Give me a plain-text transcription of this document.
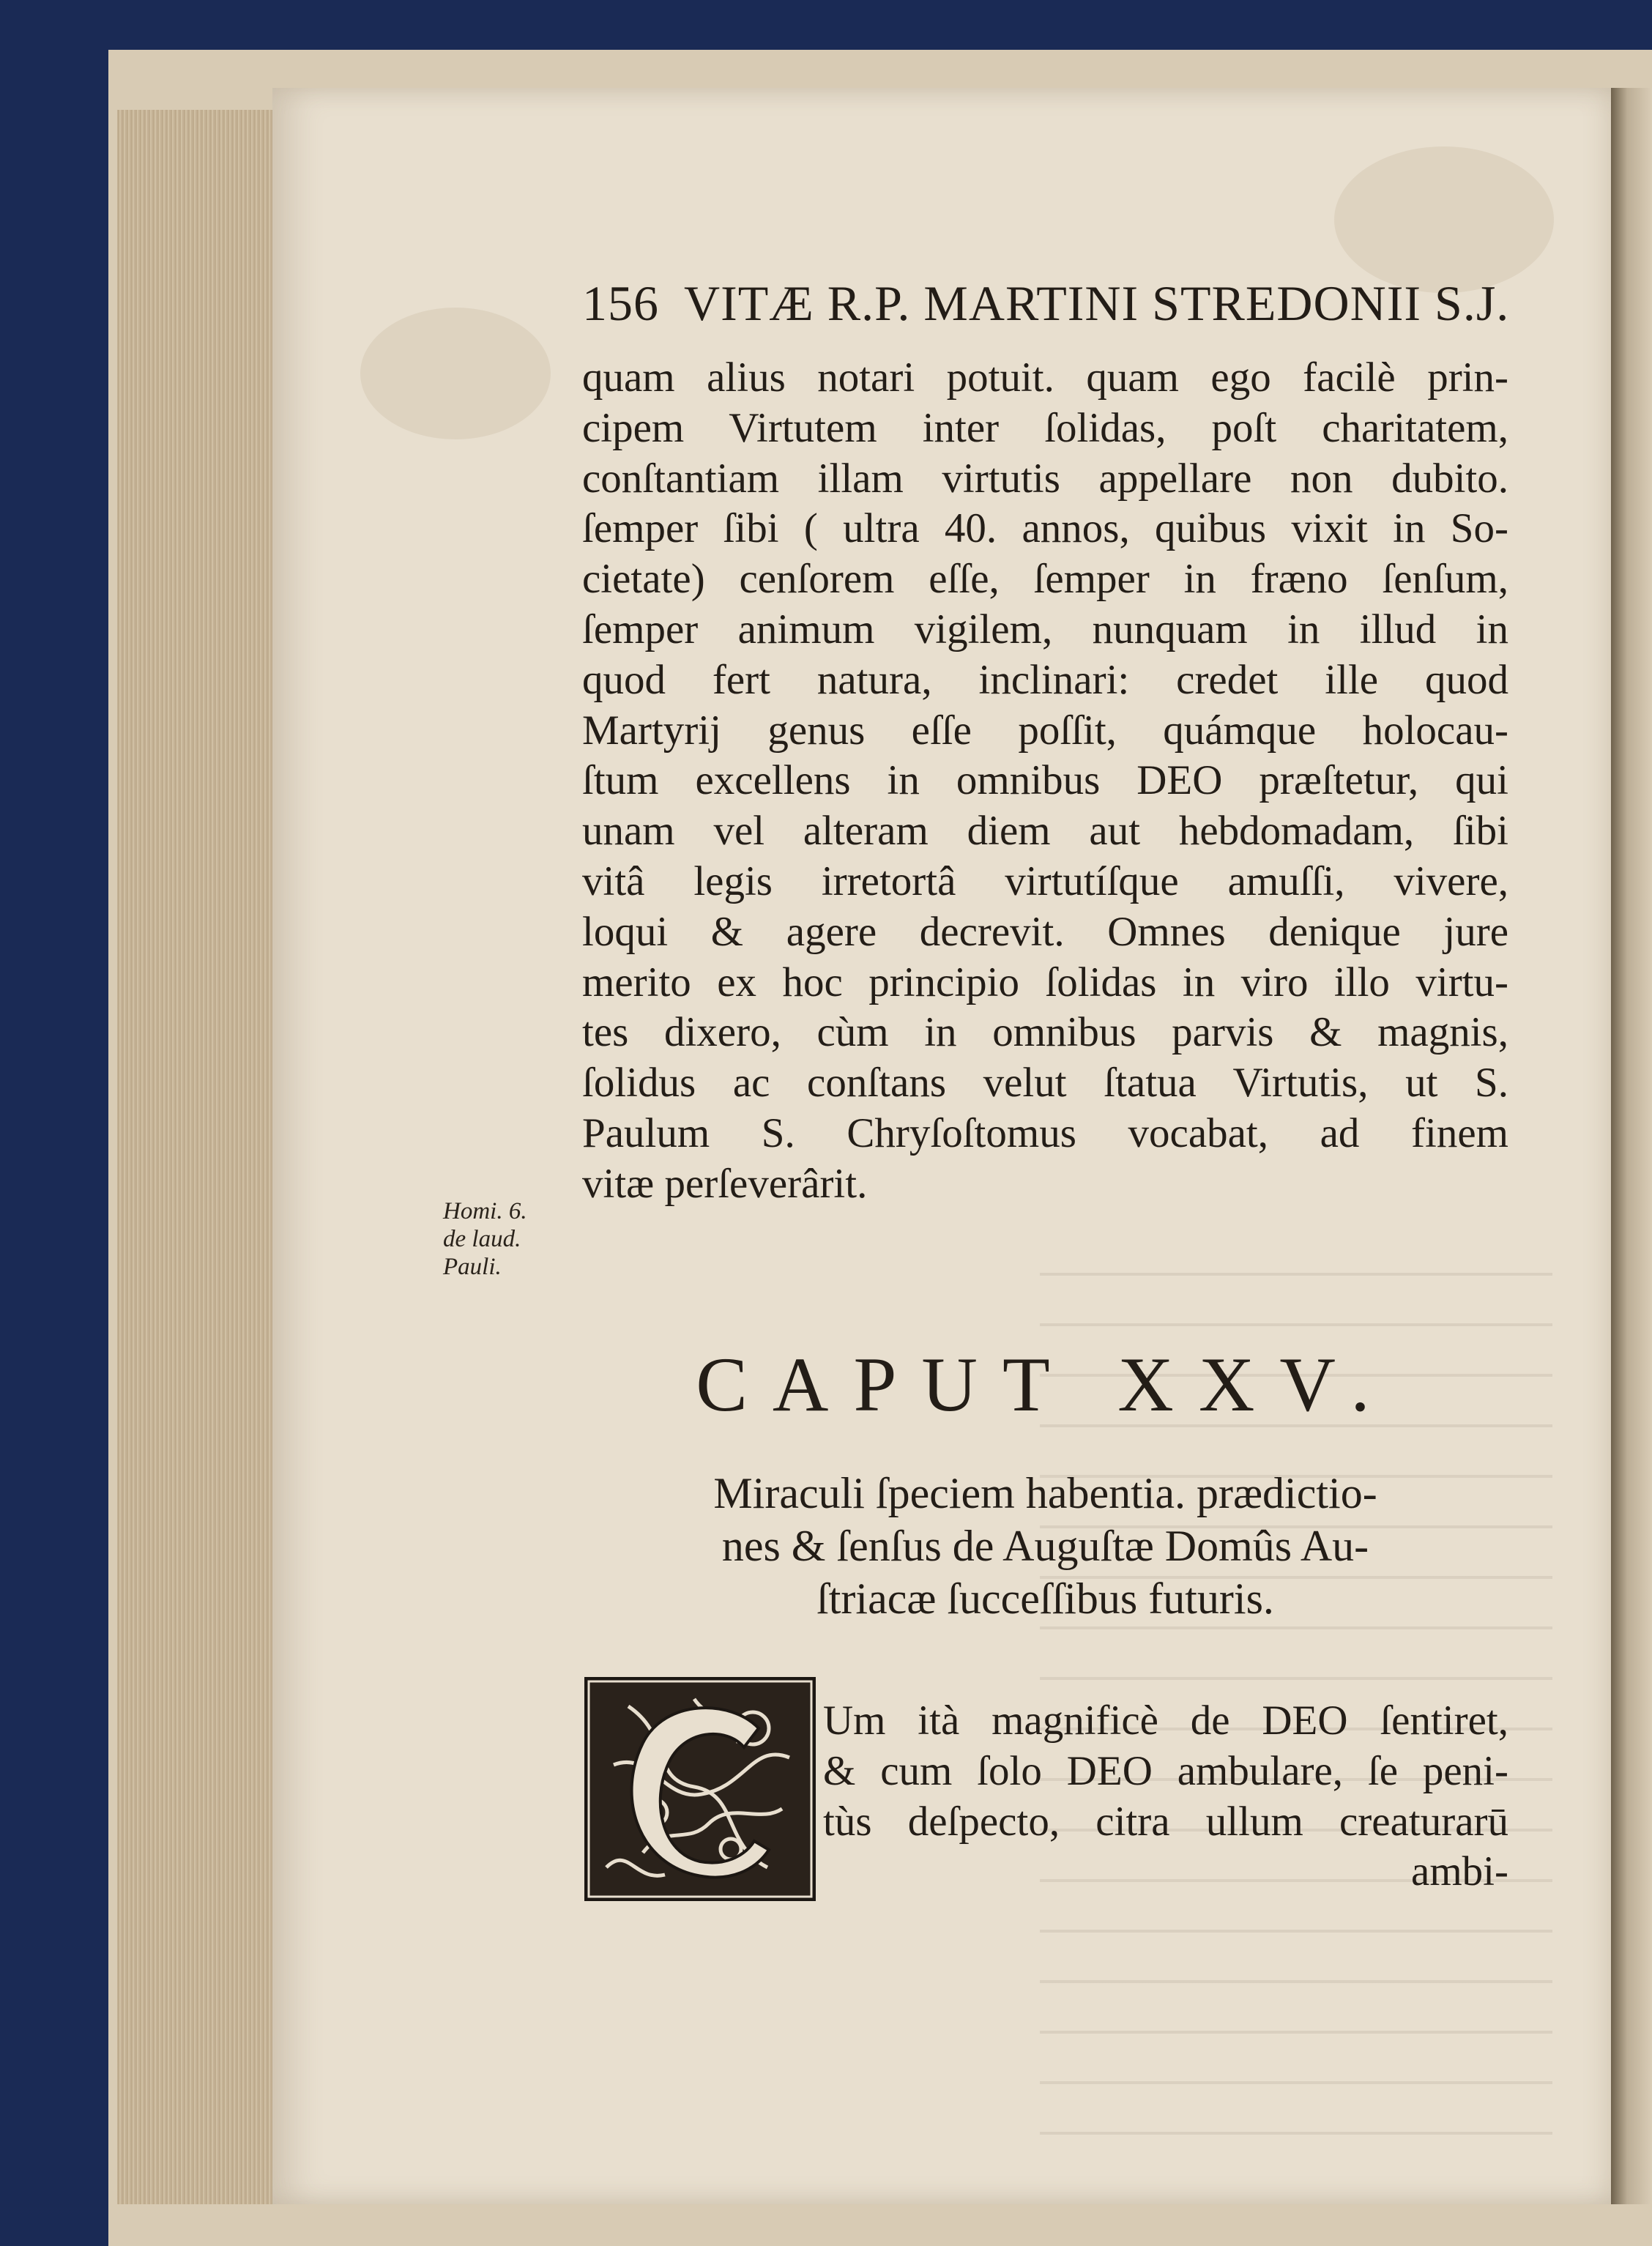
156 VITÆ R.P. MARTINI STREDONII S.J.
quam alius notari potuit. quam ego facilè prin-
cipem Virtutem inter ſolidas, poſt charitatem,
conſtantiam illam virtutis appellare non dubito.
ſemper ſibi ( ultra 40. annos, quibus vixit in So-
cietate) cenſorem eſſe, ſemper in fræno ſenſum,
ſemper animum vigilem, nunquam in illud in
quod fert natura, inclinari: credet ille quod
Martyrij genus eſſe poſſit, quámque holocau-
ſtum excellens in omnibus DEO præſtetur, qui
unam vel alteram diem aut hebdomadam, ſibi
vitâ legis irretortâ virtutíſque amuſſi, vivere,
loqui & agere decrevit. Omnes denique jure
merito ex hoc principio ſolidas in viro illo virtu-
tes dixero, cùm in omnibus parvis & magnis,
ſolidus ac conſtans velut ſtatua Virtutis, ut S.
Paulum S. Chryſoſtomus vocabat, ad finem
vitæ perſeverârit.
Homi. 6.
de laud.
Pauli.
CAPUT XXV.
Miraculi ſpeciem habentia. prædictio-
nes & ſenſus de Auguſtæ Domûs Au-
ſtriacæ ſucceſſibus futuris.
Um ità magnificè de DEO ſentiret,
& cum ſolo DEO ambulare, ſe peni-
tùs deſpecto, citra ullum creaturarū
ambi-
